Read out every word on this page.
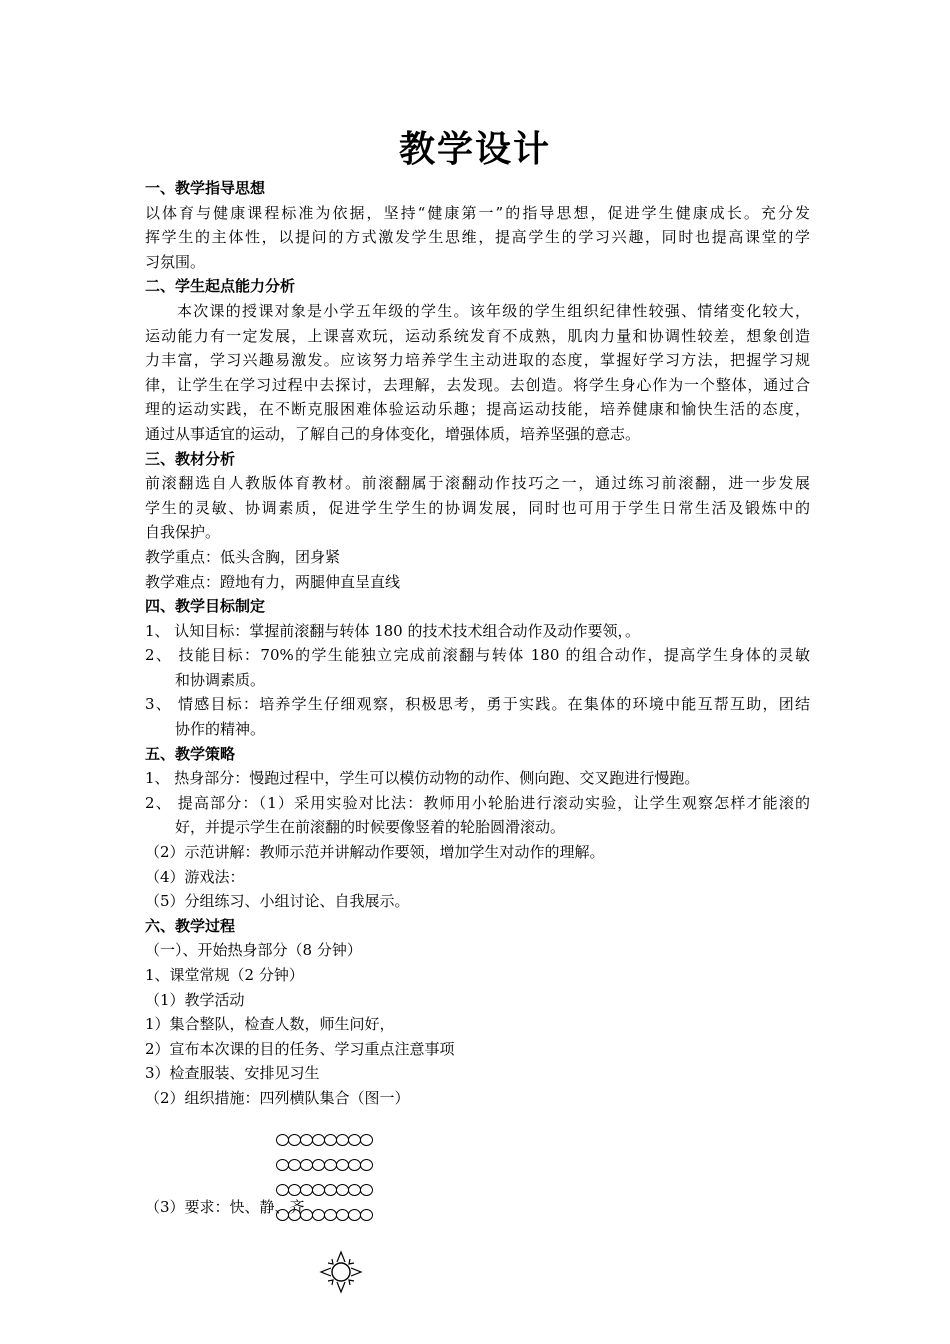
教学设计
一、教学指导思想
以体育与健康课程标准为依据，坚持“健康第一”的指导思想，促进学生健康成长。充分发
挥学生的主体性，以提问的方式激发学生思维，提高学生的学习兴趣，同时也提高课堂的学
习氛围。
二、学生起点能力分析
本次课的授课对象是小学五年级的学生。该年级的学生组织纪律性较强、情绪变化较大，
运动能力有一定发展，上课喜欢玩，运动系统发育不成熟，肌肉力量和协调性较差，想象创造
力丰富，学习兴趣易激发。应该努力培养学生主动进取的态度，掌握好学习方法，把握学习规
律，让学生在学习过程中去探讨，去理解，去发现。去创造。将学生身心作为一个整体，通过合
理的运动实践，在不断克服困难体验运动乐趣；提高运动技能，培养健康和愉快生活的态度，
通过从事适宜的运动，了解自己的身体变化，增强体质，培养坚强的意志。
三、教材分析
前滚翻选自人教版体育教材。前滚翻属于滚翻动作技巧之一，通过练习前滚翻，进一步发展
学生的灵敏、协调素质，促进学生学生的协调发展，同时也可用于学生日常生活及锻炼中的
自我保护。
教学重点：低头含胸，团身紧
教学难点：蹬地有力，两腿伸直呈直线
四、教学目标制定
1、 认知目标：掌握前滚翻与转体 180 的技术技术组合动作及动作要领，。
2、 技能目标：70%的学生能独立完成前滚翻与转体 180 的组合动作，提高学生身体的灵敏
和协调素质。
3、 情感目标：培养学生仔细观察，积极思考，勇于实践。在集体的环境中能互帮互助，团结
协作的精神。
五、教学策略
1、 热身部分：慢跑过程中，学生可以模仿动物的动作、侧向跑、交叉跑进行慢跑。
2、 提高部分：（1）采用实验对比法：教师用小轮胎进行滚动实验，让学生观察怎样才能滚的
好，并提示学生在前滚翻的时候要像竖着的轮胎圆滑滚动。
（2）示范讲解：教师示范并讲解动作要领，增加学生对动作的理解。
（4）游戏法：
（5）分组练习、小组讨论、自我展示。
六、教学过程
（一）、开始热身部分（8 分钟）
1、课堂常规（2 分钟）
（1）教学活动
1）集合整队，检查人数，师生问好，
2）宣布本次课的目的任务、学习重点注意事项
3）检查服装、安排见习生
（2）组织措施：四列横队集合（图一）
（3）要求：快、静、齐
